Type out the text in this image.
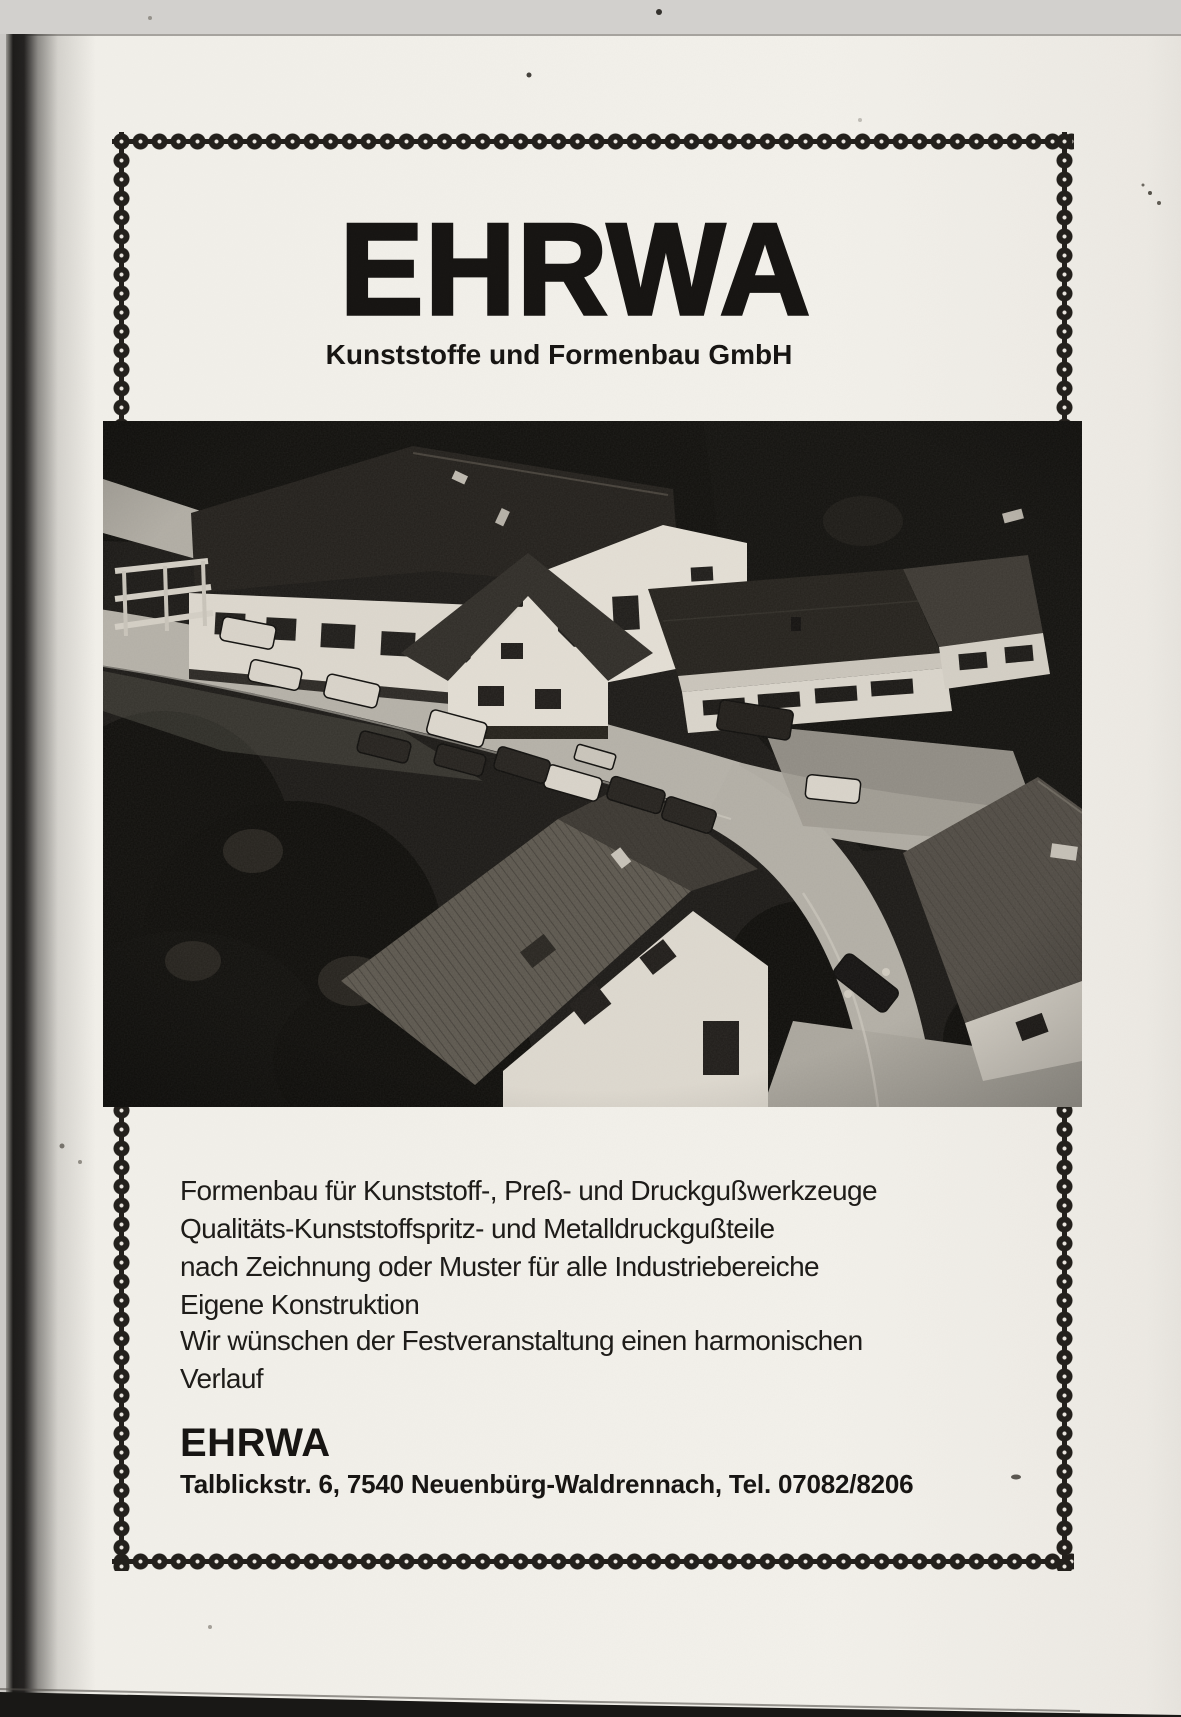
EHRWA
Kunststoffe und Formenbau GmbH
Formenbau für Kunststoff-, Preß- und Druckgußwerkzeuge
Qualitäts-Kunststoffspritz- und Metalldruckgußteile
nach Zeichnung oder Muster für alle Industriebereiche
Eigene Konstruktion
Wir wünschen der Festveranstaltung einen harmonischen
Verlauf
EHRWA
Talblickstr. 6, 7540 Neuenbürg-Waldrennach, Tel. 07082/8206
